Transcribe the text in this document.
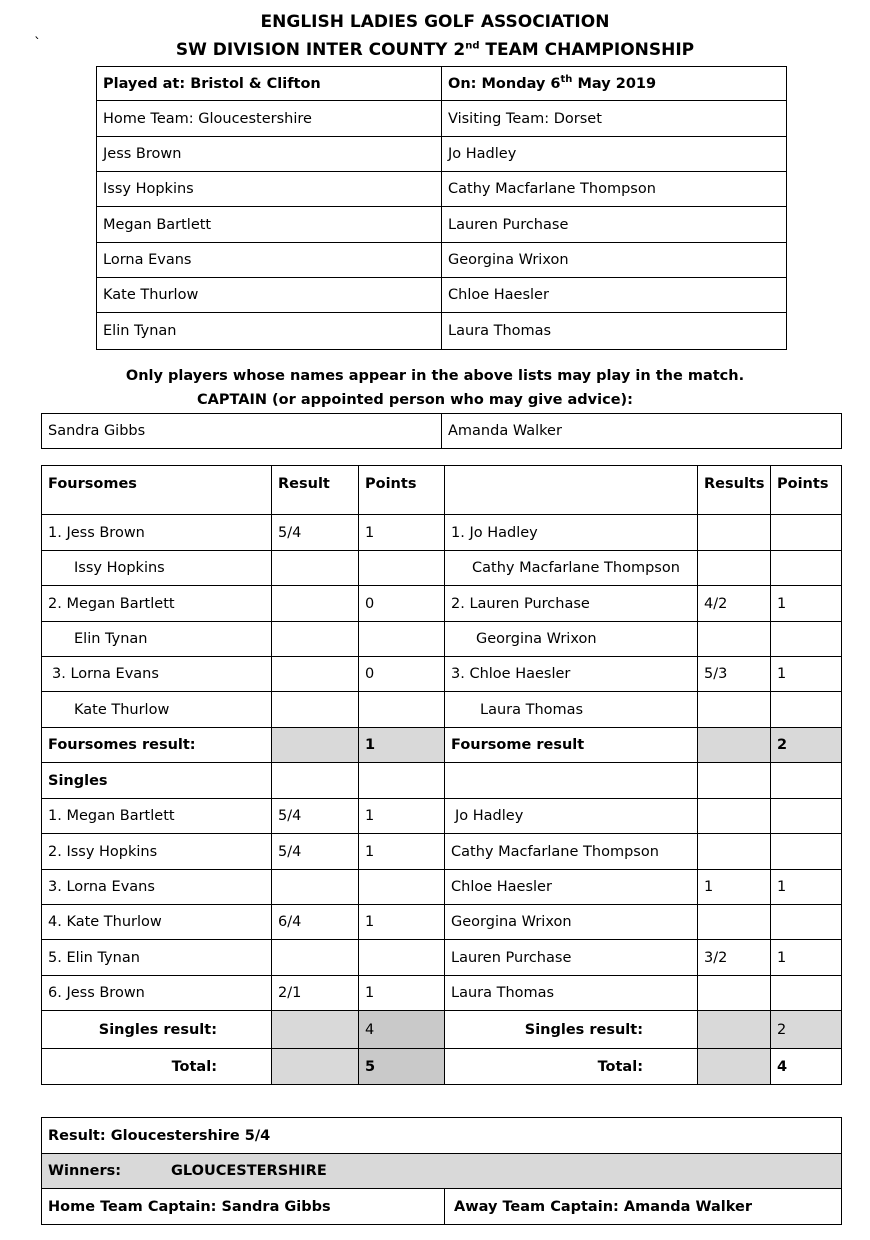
`
ENGLISH LADIES GOLF ASSOCIATION
SW DIVISION INTER COUNTY 2nd TEAM CHAMPIONSHIP
Played at: Bristol & Clifton	On: Monday 6th May 2019
Home Team: Gloucestershire	Visiting Team: Dorset
Jess Brown	Jo Hadley
Issy Hopkins	Cathy Macfarlane Thompson
Megan Bartlett	Lauren Purchase
Lorna Evans	Georgina Wrixon
Kate Thurlow	Chloe Haesler
Elin Tynan	Laura Thomas
Only players whose names appear in the above lists may play in the match.
CAPTAIN (or appointed person who may give advice):
Sandra Gibbs	Amanda Walker
Foursomes	Result	Points		Results	Points
1. Jess Brown	5/4	1	1. Jo Hadley		
Issy Hopkins			Cathy Macfarlane Thompson		
2. Megan Bartlett		0	2. Lauren Purchase	4/2	1
Elin Tynan			Georgina Wrixon		
3. Lorna Evans		0	3. Chloe Haesler	5/3	1
Kate Thurlow			Laura Thomas		
Foursomes result:		1	Foursome result		2
Singles					
1. Megan Bartlett	5/4	1	Jo Hadley		
2. Issy Hopkins	5/4	1	Cathy Macfarlane Thompson		
3. Lorna Evans			Chloe Haesler	1	1
4. Kate Thurlow	6/4	1	Georgina Wrixon		
5. Elin Tynan			Lauren Purchase	3/2	1
6. Jess Brown	2/1	1	Laura Thomas		
Singles result:		4	Singles result:		2
Total:		5	Total:		4
Result: Gloucestershire 5/4
Winners:	GLOUCESTERSHIRE
Home Team Captain: Sandra Gibbs	Away Team Captain: Amanda Walker
